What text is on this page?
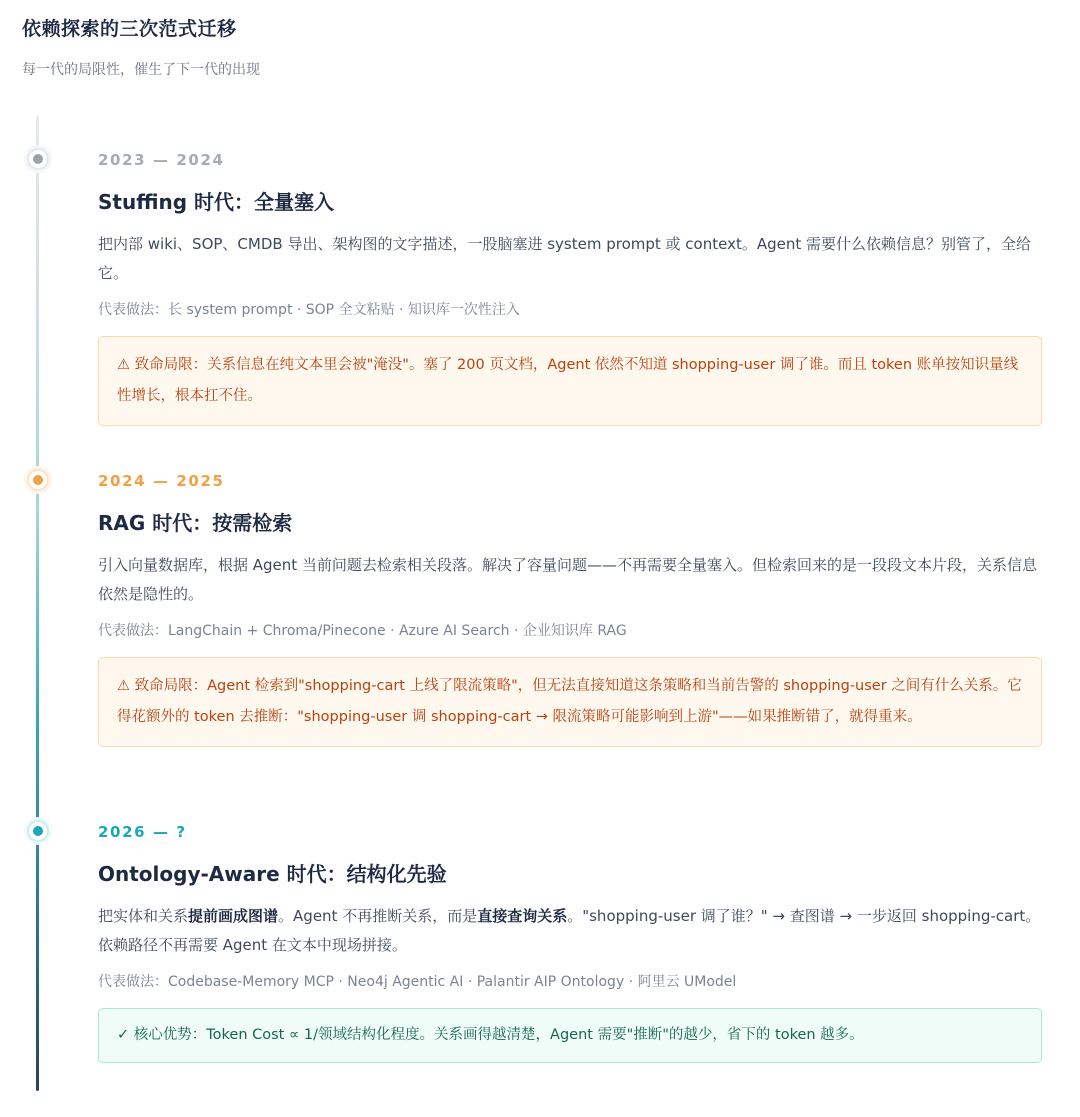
依赖探索的三次范式迁移
每一代的局限性，催生了下一代的出现
2023 — 2024
Stuffing 时代：全量塞入
把内部 wiki、SOP、CMDB 导出、架构图的文字描述，一股脑塞进 system prompt 或 context。Agent 需要什么依赖信息？别管了，全给它。
代表做法：长 system prompt · SOP 全文粘贴 · 知识库一次性注入
⚠ 致命局限：关系信息在纯文本里会被"淹没"。塞了 200 页文档，Agent 依然不知道 shopping-user 调了谁。而且 token 账单按知识量线性增长，根本扛不住。
2024 — 2025
RAG 时代：按需检索
引入向量数据库，根据 Agent 当前问题去检索相关段落。解决了容量问题——不再需要全量塞入。但检索回来的是一段段文本片段，关系信息依然是隐性的。
代表做法：LangChain + Chroma/Pinecone · Azure AI Search · 企业知识库 RAG
⚠ 致命局限：Agent 检索到"shopping-cart 上线了限流策略"，但无法直接知道这条策略和当前告警的 shopping-user 之间有什么关系。它得花额外的 token 去推断："shopping-user 调 shopping-cart → 限流策略可能影响到上游"——如果推断错了，就得重来。
2026 — ?
Ontology-Aware 时代：结构化先验
把实体和关系提前画成图谱。Agent 不再推断关系，而是直接查询关系。"shopping-user 调了谁？" → 查图谱 → 一步返回 shopping-cart。依赖路径不再需要 Agent 在文本中现场拼接。
代表做法：Codebase-Memory MCP · Neo4j Agentic AI · Palantir AIP Ontology · 阿里云 UModel
✓ 核心优势：Token Cost ∝ 1/领域结构化程度。关系画得越清楚，Agent 需要"推断"的越少，省下的 token 越多。
